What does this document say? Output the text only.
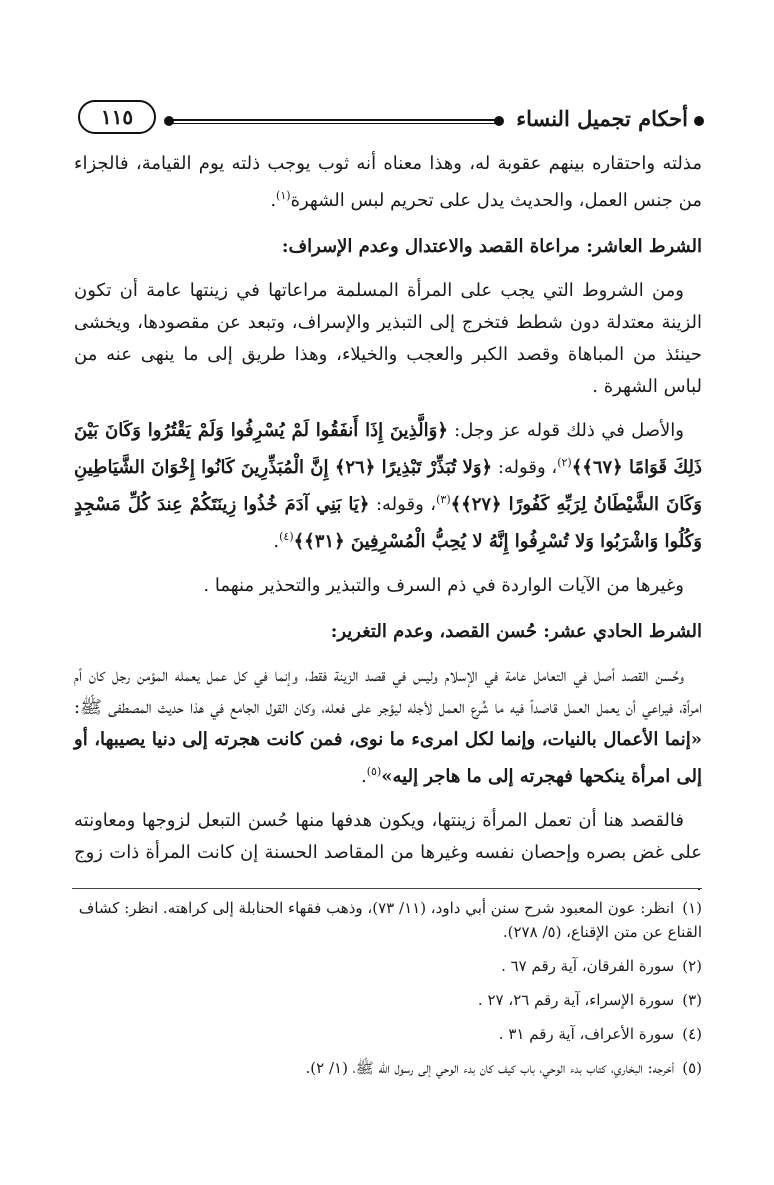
أحكام تجميل النساء
١١٥

مذلته واحتقاره بينهم عقوبة له، وهذا معناه أنه ثوب يوجب ذلته يوم القيامة، فالجزاء من جنس العمل، والحديث يدل على تحريم لبس الشهرة$^{(١)}$.

الشرط العاشر: مراعاة القصد والاعتدال وعدم الإسراف:

ومن الشروط التي يجب على المرأة المسلمة مراعاتها في زينتها عامة أن تكون الزينة معتدلة دون شطط فتخرج إلى التبذير والإسراف، وتبعد عن مقصودها، ويخشى حينئذ من المباهاة وقصد الكبر والعجب والخيلاء، وهذا طريق إلى ما ينهى عنه من لباس الشهرة .

والأصل في ذلك قوله عز وجل: ﴿وَالَّذِينَ إِذَا أَنفَقُوا لَمْ يُسْرِفُوا وَلَمْ يَقْتُرُوا وَكَانَ بَيْنَ ذَلِكَ قَوَامًا ﴿٦٧﴾﴾$^{(٢)}$، وقوله: ﴿وَلا تُبَذِّرْ تَبْذِيرًا ﴿٢٦﴾ إِنَّ الْمُبَذِّرِينَ كَانُوا إِخْوَانَ الشَّيَاطِينِ وَكَانَ الشَّيْطَانُ لِرَبِّهِ كَفُورًا ﴿٢٧﴾﴾$^{(٣)}$، وقوله: ﴿يَا بَنِي آدَمَ خُذُوا زِينَتَكُمْ عِندَ كُلِّ مَسْجِدٍ وَكُلُوا وَاشْرَبُوا وَلا تُسْرِفُوا إِنَّهُ لا يُحِبُّ الْمُسْرِفِينَ ﴿٣١﴾﴾$^{(٤)}$.

وغيرها من الآيات الواردة في ذم السرف والتبذير والتحذير منهما .

الشرط الحادي عشر: حُسن القصد، وعدم التغرير:

وحُسن القصد أصل في التعامل عامة في الإسلام وليس في قصد الزينة فقط، وإنما في كل عمل يعمله المؤمن رجل كان أم امرأة، فيراعي أن يعمل العمل قاصداً فيه ما شُرع العمل لأجله ليؤجر على فعله، وكان القول الجامع في هذا حديث المصطفى ﷺ: «إنما الأعمال بالنيات، وإنما لكل امرىء ما نوى، فمن كانت هجرته إلى دنيا يصيبها، أو إلى امرأة ينكحها فهجرته إلى ما هاجر إليه»$^{(٥)}$.

فالقصد هنا أن تعمل المرأة زينتها، ويكون هدفها منها حُسن التبعل لزوجها ومعاونته على غض بصره وإحصان نفسه وغيرها من المقاصد الحسنة إن كانت المرأة ذات زوج .

(١)انظر: عون المعبود شرح سنن أبي داود، (١١/ ٧٣)، وذهب فقهاء الحنابلة إلى كراهته. انظر: كشاف القناع عن متن الإقناع، (٥/ ٢٧٨).

(٢)سورة الفرقان، آية رقم ٦٧ .

(٣)سورة الإسراء، آية رقم ٢٦، ٢٧ .

(٤)سورة الأعراف، آية رقم ٣١ .

(٥)أخرجه: البخاري، كتاب بدء الوحي، باب كيف كان بدء الوحي إلى رسول الله ﷺ، (١/ ٢).
